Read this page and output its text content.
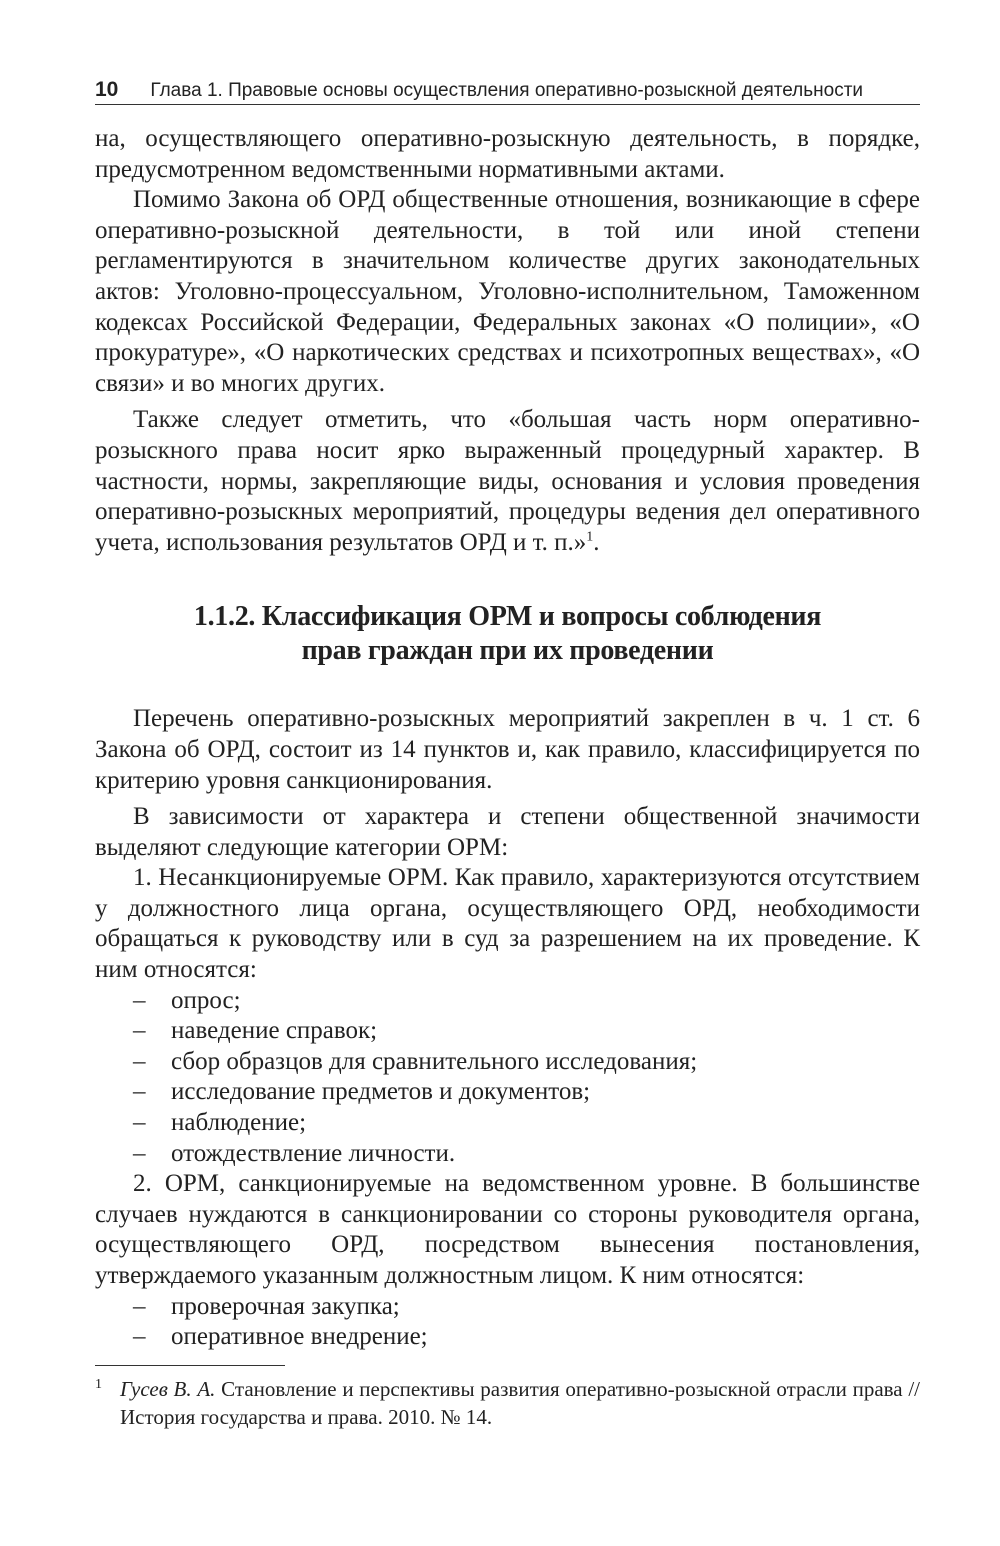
10 Глава 1. Правовые основы осуществления оперативно-розыскной деятельности

на, осуществляющего оперативно-розыскную деятельность, в порядке, предусмотренном ведомственными нормативными актами.

Помимо Закона об ОРД общественные отношения, возникающие в сфере оперативно-розыскной деятельности, в той или иной степени регламентируются в значительном количестве других законодательных актов: Уголовно-процессуальном, Уголовно-исполнительном, Таможенном кодексах Российской Федерации, Федеральных законах «О полиции», «О прокуратуре», «О наркотических средствах и психотропных веществах», «О связи» и во многих других.

Также следует отметить, что «большая часть норм оперативно-розыскного права носит ярко выраженный процедурный характер. В частности, нормы, закрепляющие виды, основания и условия проведения оперативно-розыскных мероприятий, процедуры ведения дел оперативного учета, использования результатов ОРД и т. п.»$^1$.

1.1.2. Классификация ОРМ и вопросы соблюдения
прав граждан при их проведении

Перечень оперативно-розыскных мероприятий закреплен в ч. 1 ст. 6 Закона об ОРД, состоит из 14 пунктов и, как правило, классифицируется по критерию уровня санкционирования.

В зависимости от характера и степени общественной значимости выделяют следующие категории ОРМ:

1. Несанкционируемые ОРМ. Как правило, характеризуются отсутствием у должностного лица органа, осуществляющего ОРД, необходимости обращаться к руководству или в суд за разрешением на их проведение. К ним относятся:

– опрос;
– наведение справок;
– сбор образцов для сравнительного исследования;
– исследование предметов и документов;
– наблюдение;
– отождествление личности.

2. ОРМ, санкционируемые на ведомственном уровне. В большинстве случаев нуждаются в санкционировании со стороны руководителя органа, осуществляющего ОРД, посредством вынесения постановления, утверждаемого указанным должностным лицом. К ним относятся:

– проверочная закупка;
– оперативное внедрение;
1 Гусев В. А. Становление и перспективы развития оперативно-розыскной отрасли права // История государства и права. 2010. № 14.
